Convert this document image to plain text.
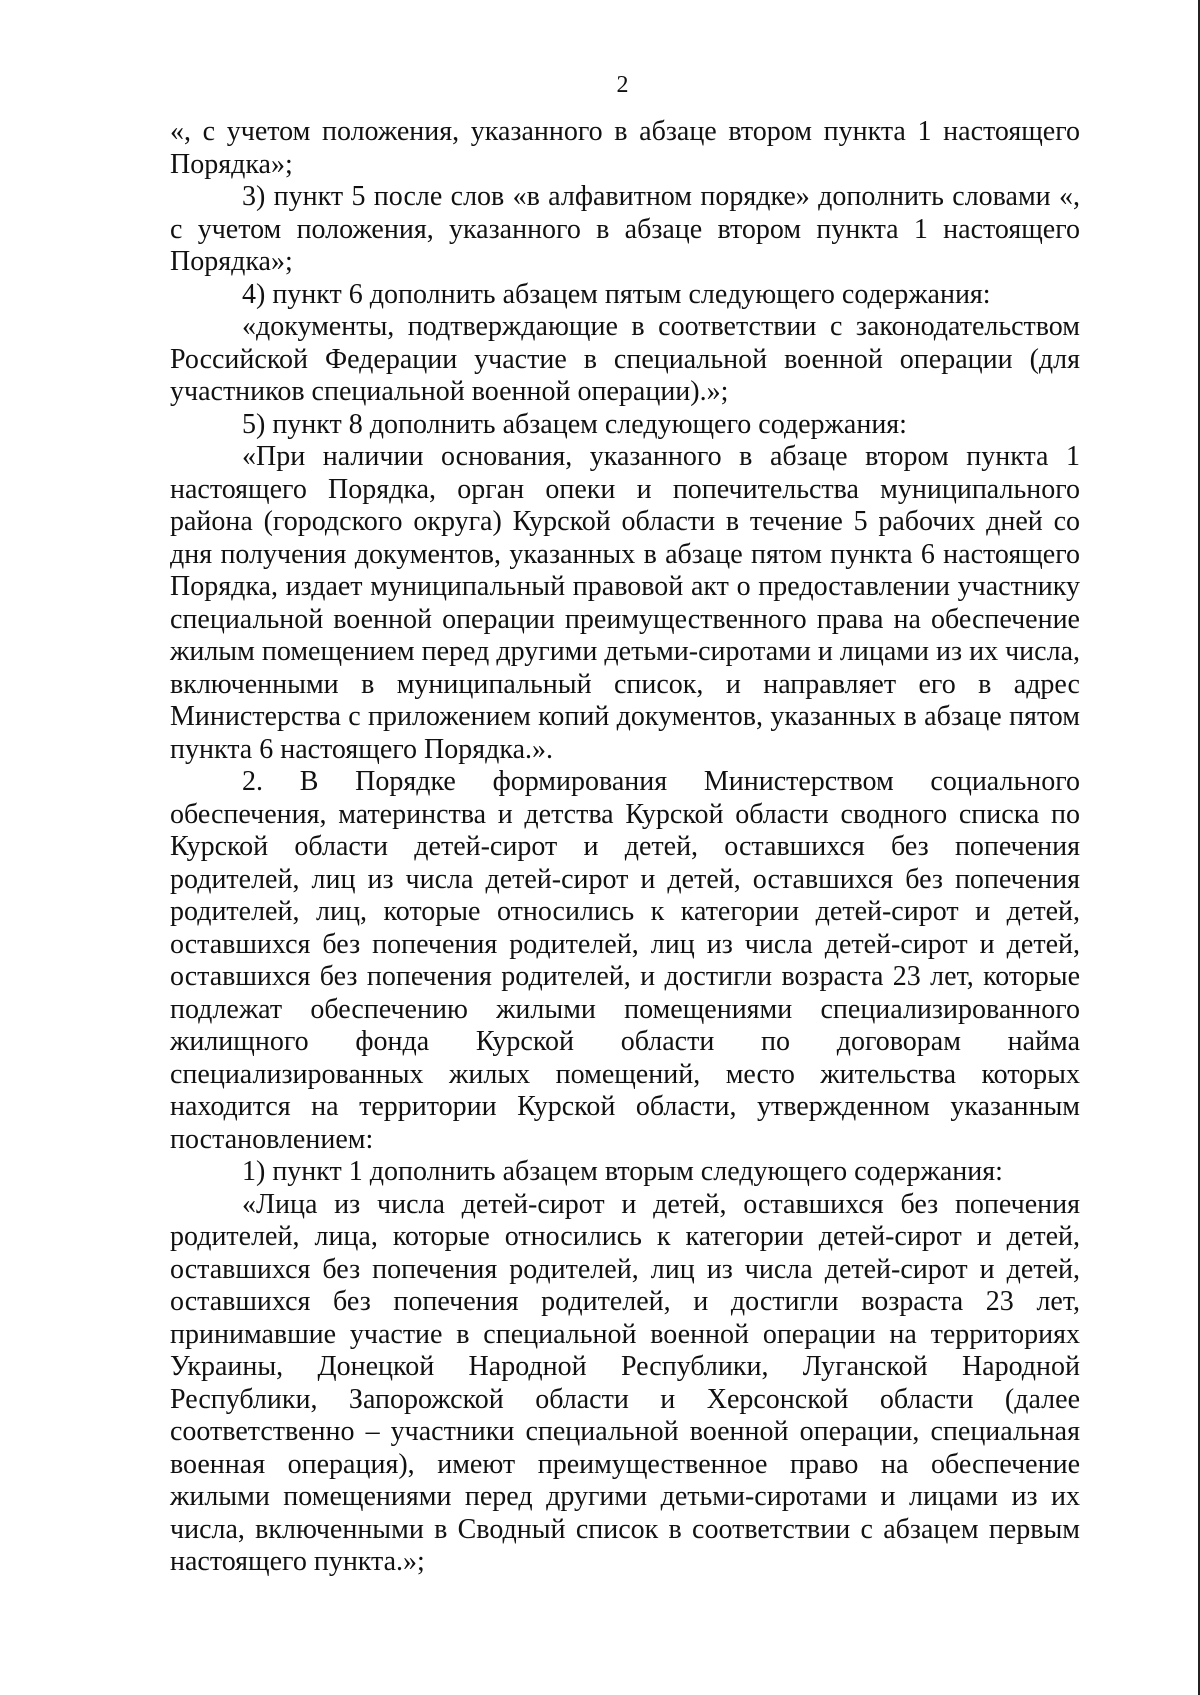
2

«, с учетом положения, указанного в абзаце втором пункта 1 настоящего Порядка»;

3) пункт 5 после слов «в алфавитном порядке» дополнить словами «, с учетом положения, указанного в абзаце втором пункта 1 настоящего Порядка»;

4) пункт 6 дополнить абзацем пятым следующего содержания:

«документы, подтверждающие в соответствии с законодательством Российской Федерации участие в специальной военной операции (для участников специальной военной операции).»;

5) пункт 8 дополнить абзацем следующего содержания:

«При наличии основания, указанного в абзаце втором пункта 1 настоящего Порядка, орган опеки и попечительства муниципального района (городского округа) Курской области в течение 5 рабочих дней со дня получения документов, указанных в абзаце пятом пункта 6 настоящего Порядка, издает муниципальный правовой акт о предоставлении участнику специальной военной операции преимущественного права на обеспечение жилым помещением перед другими детьми-сиротами и лицами из их числа, включенными в муниципальный список, и направляет его в адрес Министерства с приложением копий документов, указанных в абзаце пятом пункта 6 настоящего Порядка.».

2. В Порядке формирования Министерством социального обеспечения, материнства и детства Курской области сводного списка по Курской области детей-сирот и детей, оставшихся без попечения родителей, лиц из числа детей-сирот и детей, оставшихся без попечения родителей, лиц, которые относились к категории детей-сирот и детей, оставшихся без попечения родителей, лиц из числа детей-сирот и детей, оставшихся без попечения родителей, и достигли возраста 23 лет, которые подлежат обеспечению жилыми помещениями специализированного жилищного фонда Курской области по договорам найма специализированных жилых помещений, место жительства которых находится на территории Курской области, утвержденном указанным постановлением:

1) пункт 1 дополнить абзацем вторым следующего содержания:

«Лица из числа детей-сирот и детей, оставшихся без попечения родителей, лица, которые относились к категории детей-сирот и детей, оставшихся без попечения родителей, лиц из числа детей-сирот и детей, оставшихся без попечения родителей, и достигли возраста 23 лет, принимавшие участие в специальной военной операции на территориях Украины, Донецкой Народной Республики, Луганской Народной Республики, Запорожской области и Херсонской области (далее соответственно – участники специальной военной операции, специальная военная операция), имеют преимущественное право на обеспечение жилыми помещениями перед другими детьми-сиротами и лицами из их числа, включенными в Сводный список в соответствии с абзацем первым настоящего пункта.»;
